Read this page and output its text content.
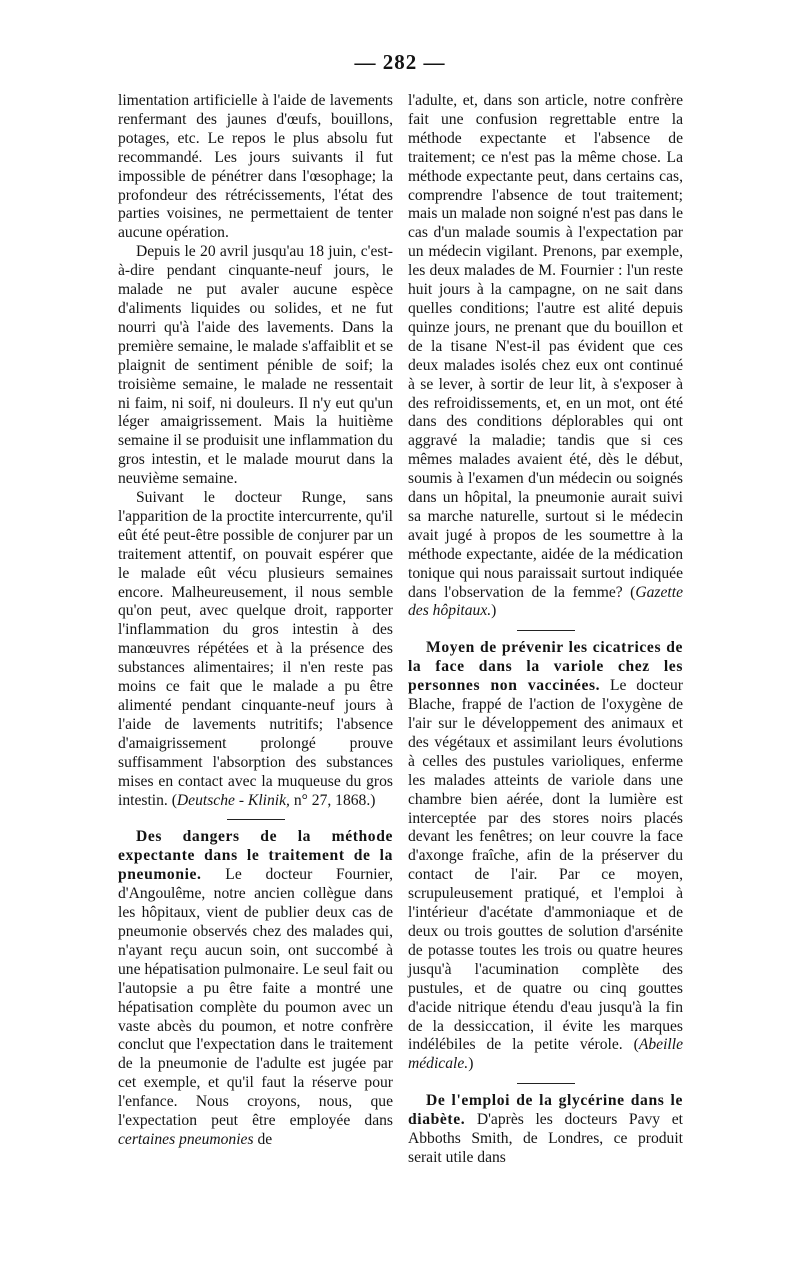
— 282 —

limentation artificielle à l'aide de lavements renfermant des jaunes d'œufs, bouillons, potages, etc. Le repos le plus absolu fut recommandé. Les jours suivants il fut impossible de pénétrer dans l'œsophage; la profondeur des rétrécissements, l'état des parties voisines, ne permettaient de tenter aucune opération.

Depuis le 20 avril jusqu'au 18 juin, c'est-à-dire pendant cinquante-neuf jours, le malade ne put avaler aucune espèce d'aliments liquides ou solides, et ne fut nourri qu'à l'aide des lavements. Dans la première semaine, le malade s'affaiblit et se plaignit de sentiment pénible de soif; la troisième semaine, le malade ne ressentait ni faim, ni soif, ni douleurs. Il n'y eut qu'un léger amaigrissement. Mais la huitième semaine il se produisit une inflammation du gros intestin, et le malade mourut dans la neuvième semaine.

Suivant le docteur Runge, sans l'apparition de la proctite intercurrente, qu'il eût été peut-être possible de conjurer par un traitement attentif, on pouvait espérer que le malade eût vécu plusieurs semaines encore. Malheureusement, il nous semble qu'on peut, avec quelque droit, rapporter l'inflammation du gros intestin à des manœuvres répétées et à la présence des substances alimentaires; il n'en reste pas moins ce fait que le malade a pu être alimenté pendant cinquante-neuf jours à l'aide de lavements nutritifs; l'absence d'amaigrissement prolongé prouve suffisamment l'absorption des substances mises en contact avec la muqueuse du gros intestin. (Deutsche - Klinik, n° 27, 1868.)

Des dangers de la méthode expectante dans le traitement de la pneumonie. Le docteur Fournier, d'Angoulême, notre ancien collègue dans les hôpitaux, vient de publier deux cas de pneumonie observés chez des malades qui, n'ayant reçu aucun soin, ont succombé à une hépatisation pulmonaire. Le seul fait ou l'autopsie a pu être faite a montré une hépatisation complète du poumon avec un vaste abcès du poumon, et notre confrère conclut que l'expectation dans le traitement de la pneumonie de l'adulte est jugée par cet exemple, et qu'il faut la réserve pour l'enfance. Nous croyons, nous, que l'expectation peut être employée dans certaines pneumonies de

l'adulte, et, dans son article, notre confrère fait une confusion regrettable entre la méthode expectante et l'absence de traitement; ce n'est pas la même chose. La méthode expectante peut, dans certains cas, comprendre l'absence de tout traitement; mais un malade non soigné n'est pas dans le cas d'un malade soumis à l'expectation par un médecin vigilant. Prenons, par exemple, les deux malades de M. Fournier : l'un reste huit jours à la campagne, on ne sait dans quelles conditions; l'autre est alité depuis quinze jours, ne prenant que du bouillon et de la tisane N'est-il pas évident que ces deux malades isolés chez eux ont continué à se lever, à sortir de leur lit, à s'exposer à des refroidissements, et, en un mot, ont été dans des conditions déplorables qui ont aggravé la maladie; tandis que si ces mêmes malades avaient été, dès le début, soumis à l'examen d'un médecin ou soignés dans un hôpital, la pneumonie aurait suivi sa marche naturelle, surtout si le médecin avait jugé à propos de les soumettre à la méthode expectante, aidée de la médication tonique qui nous paraissait surtout indiquée dans l'observation de la femme? (Gazette des hôpitaux.)

Moyen de prévenir les cicatrices de la face dans la variole chez les personnes non vaccinées. Le docteur Blache, frappé de l'action de l'oxygène de l'air sur le développement des animaux et des végétaux et assimilant leurs évolutions à celles des pustules varioliques, enferme les malades atteints de variole dans une chambre bien aérée, dont la lumière est interceptée par des stores noirs placés devant les fenêtres; on leur couvre la face d'axonge fraîche, afin de la préserver du contact de l'air. Par ce moyen, scrupuleusement pratiqué, et l'emploi à l'intérieur d'acétate d'ammoniaque et de deux ou trois gouttes de solution d'arsénite de potasse toutes les trois ou quatre heures jusqu'à l'acumination complète des pustules, et de quatre ou cinq gouttes d'acide nitrique étendu d'eau jusqu'à la fin de la dessiccation, il évite les marques indélébiles de la petite vérole. (Abeille médicale.)

De l'emploi de la glycérine dans le diabète. D'après les docteurs Pavy et Abboths Smith, de Londres, ce produit serait utile dans
